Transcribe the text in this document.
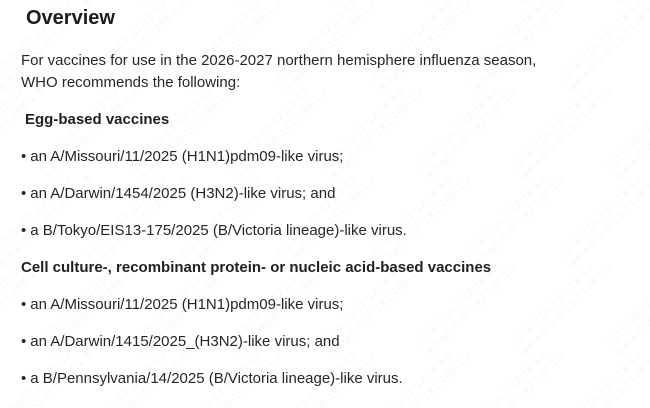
Overview

For vaccines for use in the 2026-2027 northern hemisphere influenza season, WHO recommends the following:

Egg-based vaccines

• an A/Missouri/11/2025 (H1N1)pdm09-like virus;

• an A/Darwin/1454/2025 (H3N2)-like virus; and

• a B/Tokyo/EIS13-175/2025 (B/Victoria lineage)-like virus.

Cell culture-, recombinant protein- or nucleic acid-based vaccines

• an A/Missouri/11/2025 (H1N1)pdm09-like virus;

• an A/Darwin/1415/2025_(H3N2)-like virus; and

• a B/Pennsylvania/14/2025 (B/Victoria lineage)-like virus.
